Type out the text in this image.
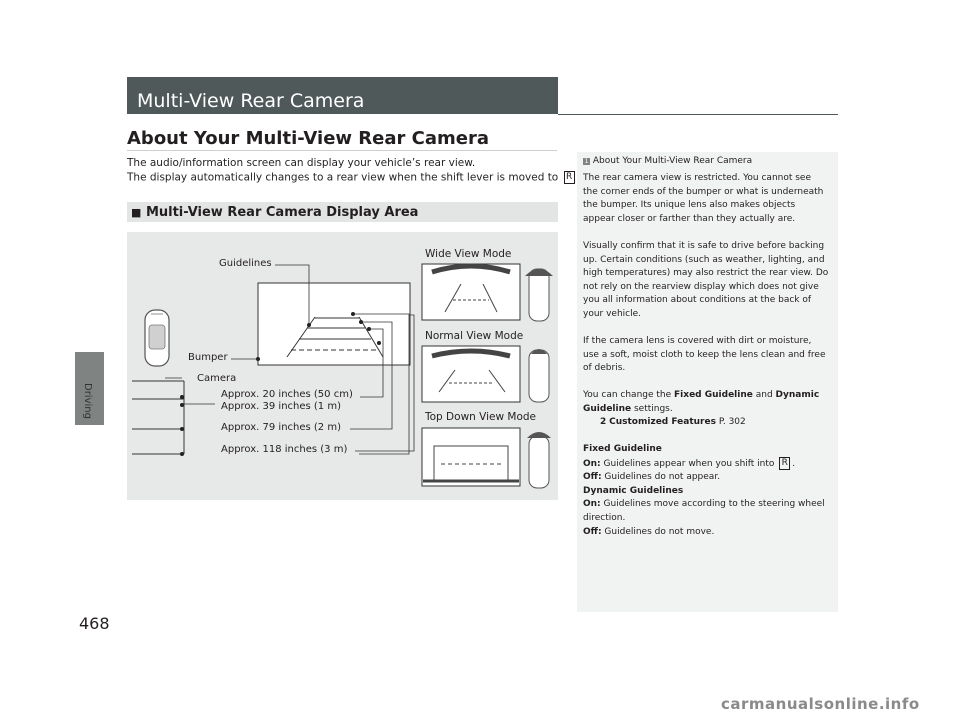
Driving
468
Multi-View Rear Camera
About Your Multi-View Rear Camera
The audio/information screen can display your vehicle’s rear view.
The display automatically changes to a rear view when the shift lever is moved to R
■ Multi-View Rear Camera Display Area
Guidelines
Bumper
Camera
Approx. 20 inches (50 cm)
Approx. 39 inches (1 m)
Approx. 79 inches (2 m)
Approx. 118 inches (3 m)
Wide View Mode
Normal View Mode
Top Down View Mode
1 About Your Multi-View Rear Camera
The rear camera view is restricted. You cannot see
the corner ends of the bumper or what is underneath
the bumper. Its unique lens also makes objects
appear closer or farther than they actually are.
Visually confirm that it is safe to drive before backing
up. Certain conditions (such as weather, lighting, and
high temperatures) may also restrict the rear view. Do
not rely on the rearview display which does not give
you all information about conditions at the back of
your vehicle.
If the camera lens is covered with dirt or moisture,
use a soft, moist cloth to keep the lens clean and free
of debris.
You can change the Fixed Guideline and Dynamic
Guideline settings.
2 Customized Features P. 302
Fixed Guideline
On: Guidelines appear when you shift into R .
Off: Guidelines do not appear.
Dynamic Guidelines
On: Guidelines move according to the steering wheel
direction.
Off: Guidelines do not move.
carmanualsonline.info
